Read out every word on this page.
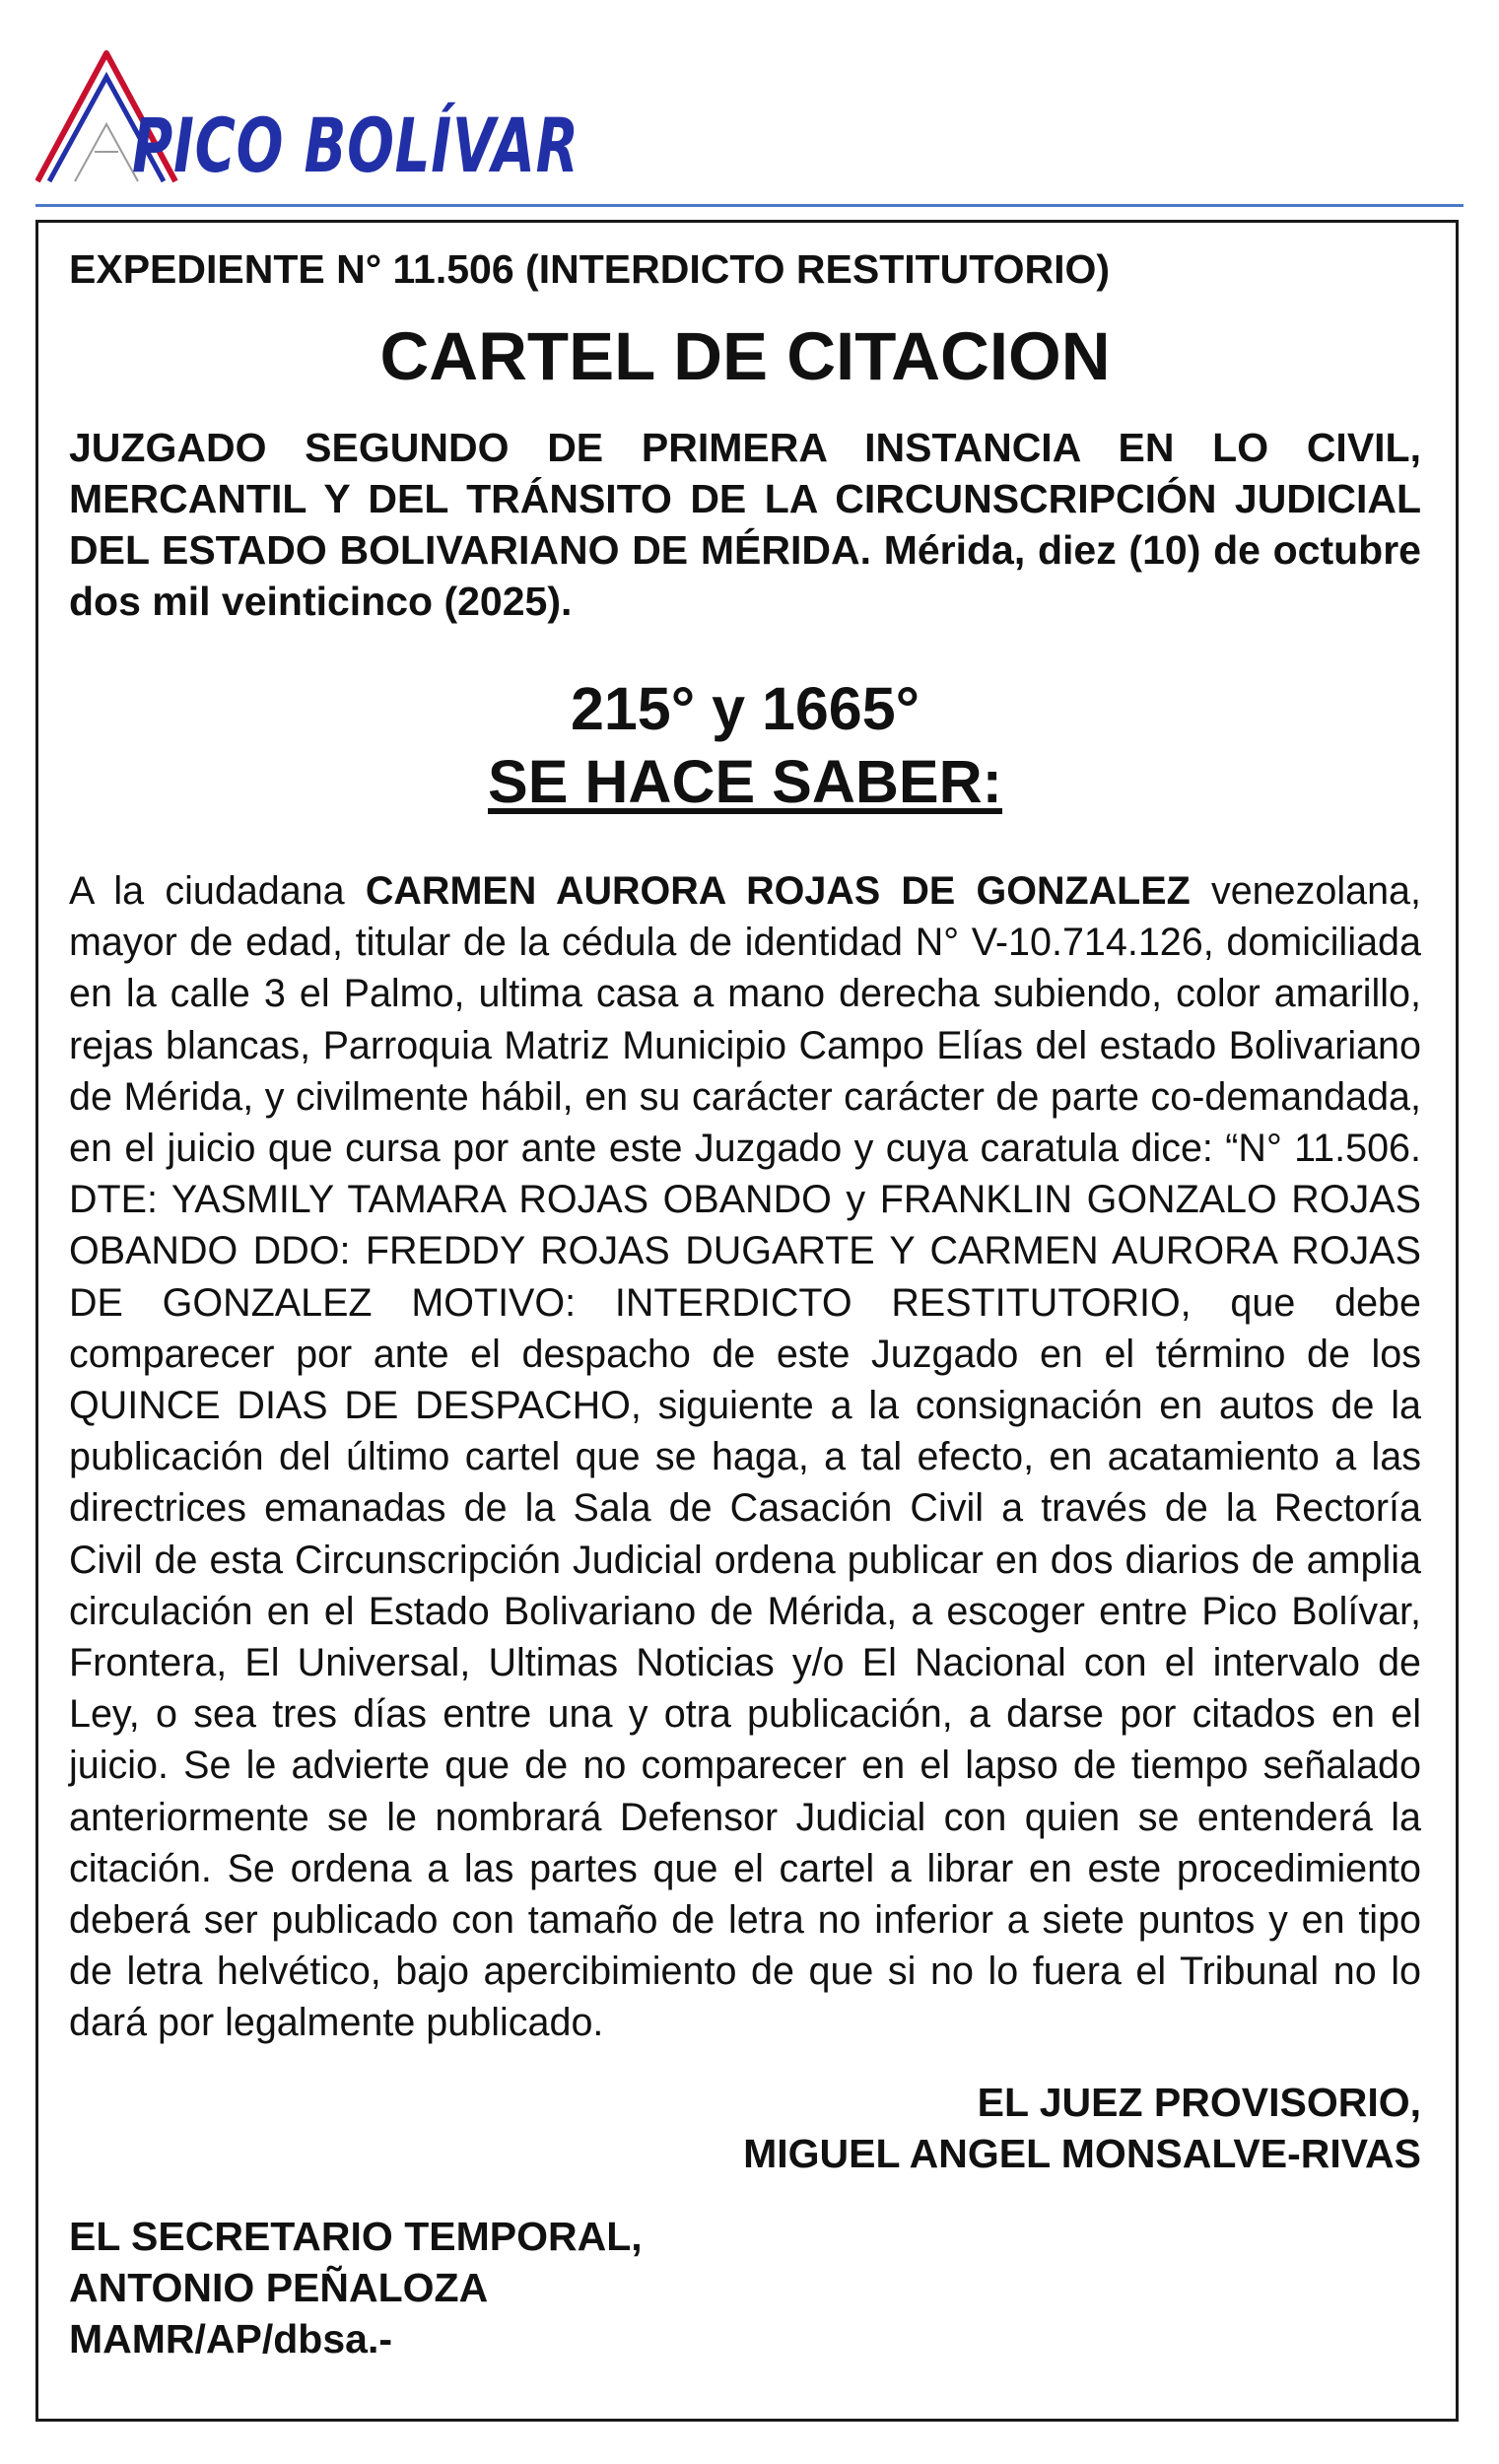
PICO BOLÍVAR
EXPEDIENTE N° 11.506 (INTERDICTO RESTITUTORIO)
CARTEL DE CITACION
JUZGADO SEGUNDO DE PRIMERA INSTANCIA EN LO CIVIL, MERCANTIL Y DEL TRÁNSITO DE LA CIRCUNSCRIPCIÓN JUDICIAL DEL ESTADO BOLIVARIANO DE MÉRIDA. Mérida, diez (10) de octubre dos mil veinticinco (2025).
215° y 1665°
SE HACE SABER:
A la ciudadana CARMEN AURORA ROJAS DE GONZALEZ venezolana, mayor de edad, titular de la cédula de identidad N° V-10.714.126, domiciliada en la calle 3 el Palmo, ultima casa a mano derecha subiendo, color amarillo, rejas blancas, Parroquia Matriz Municipio Campo Elías del estado Bolivariano de Mérida, y civilmente hábil, en su carácter carácter de parte co-demandada, en el juicio que cursa por ante este Juzgado y cuya caratula dice: “N° 11.506. DTE: YASMILY TAMARA ROJAS OBANDO y FRANKLIN GONZALO ROJAS OBANDO DDO: FREDDY ROJAS DUGARTE Y CARMEN AURORA ROJAS DE GONZALEZ MOTIVO: INTERDICTO RESTITUTORIO, que debe comparecer por ante el despacho de este Juzgado en el término de los QUINCE DIAS DE DESPACHO, siguiente a la consignación en autos de la publicación del último cartel que se haga, a tal efecto, en acatamiento a las directrices emanadas de la Sala de Casación Civil a través de la Rectoría Civil de esta Circunscripción Judicial ordena publicar en dos diarios de amplia circulación en el Estado Bolivariano de Mérida, a escoger entre Pico Bolívar, Frontera, El Universal, Ultimas Noticias y/o El Nacional con el intervalo de Ley, o sea tres días entre una y otra publicación, a darse por citados en el juicio. Se le advierte que de no comparecer en el lapso de tiempo señalado anteriormente se le nombrará Defensor Judicial con quien se entenderá la citación. Se ordena a las partes que el cartel a librar en este procedimiento deberá ser publicado con tamaño de letra no inferior a siete puntos y en tipo de letra helvético, bajo apercibimiento de que si no lo fuera el Tribunal no lo dará por legalmente publicado.
EL JUEZ PROVISORIO,
MIGUEL ANGEL MONSALVE-RIVAS
EL SECRETARIO TEMPORAL,
ANTONIO PEÑALOZA
MAMR/AP/dbsa.-
